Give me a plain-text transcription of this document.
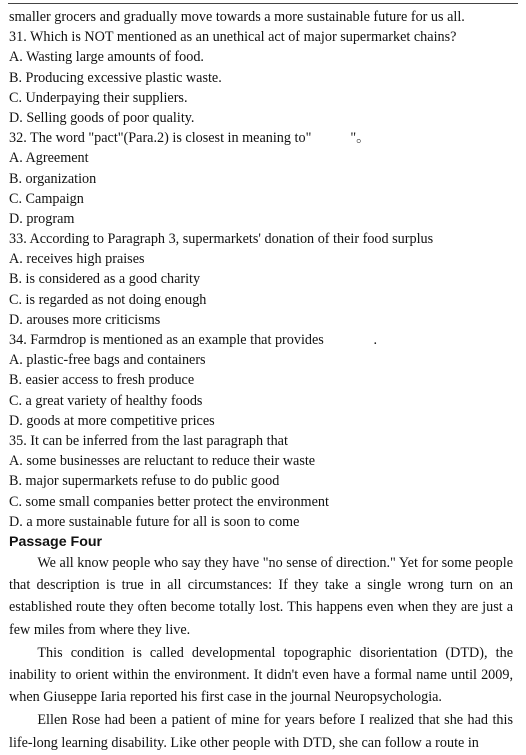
smaller grocers and gradually move towards a more sustainable future for us all.
31. Which is NOT mentioned as an unethical act of major supermarket chains?
A. Wasting large amounts of food.
B. Producing excessive plastic waste.
C. Underpaying their suppliers.
D. Selling goods of poor quality.
32. The word "pact"(Para.2) is closest in meaning to"           "。
A. Agreement
B. organization
C. Campaign
D. program
33. According to Paragraph 3, supermarkets' donation of their food surplus
A. receives high praises
B. is considered as a good charity
C. is regarded as not doing enough
D. arouses more criticisms
34. Farmdrop is mentioned as an example that provides              .
A. plastic-free bags and containers
B. easier access to fresh produce
C. a great variety of healthy foods
D. goods at more competitive prices
35. It can be inferred from the last paragraph that
A. some businesses are reluctant to reduce their waste
B. major supermarkets refuse to do public good
C. some small companies better protect the environment
D. a more sustainable future for all is soon to come
Passage Four

We all know people who say they have "no sense of direction." Yet for some people that description is true in all circumstances: If they take a single wrong turn on an established route they often become totally lost. This happens even when they are just a few miles from where they live.

This condition is called developmental topographic disorientation (DTD), the inability to orient within the environment. It didn't even have a formal name until 2009, when Giuseppe Iaria reported his first case in the journal Neuropsychologia.

Ellen Rose had been a patient of mine for years before I realized that she had this life-long learning disability. Like other people with DTD, she can follow a route in
